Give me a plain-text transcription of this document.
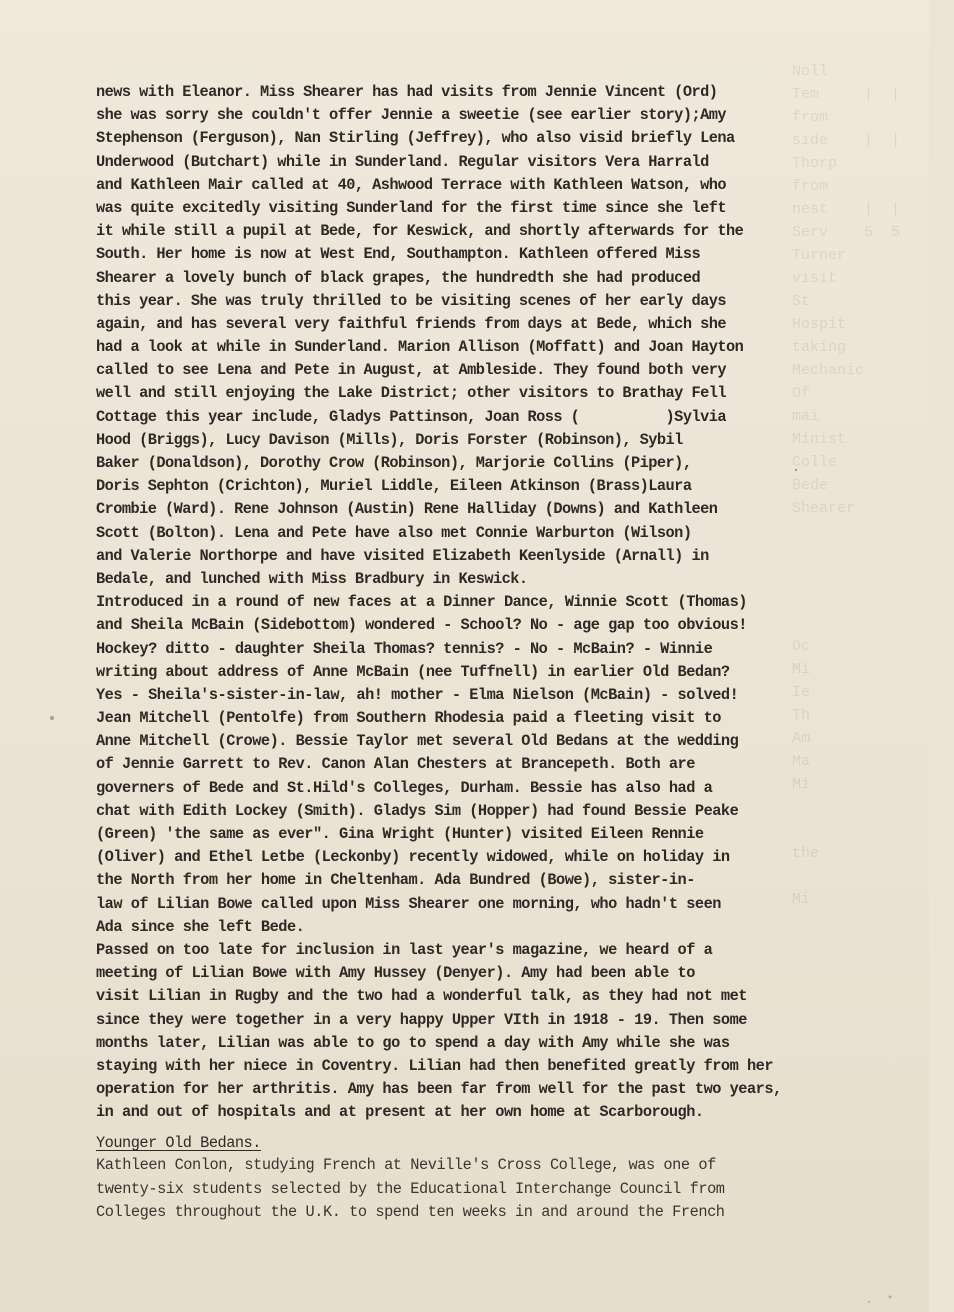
Noll
Tem     |  |
from
side    |  |
Thorp
from
nest    |  |
Serv    5  5
Turner
visit
St
Hospit
taking
Mechanic
Of
mai
Minist
Colle
Bede
Shearer

Oc
Mi
Ie
Th
Am
Ma
Mi

the

Mi
news with Eleanor. Miss Shearer has had visits from Jennie Vincent (Ord)
she was sorry she couldn't offer Jennie a sweetie (see earlier story);Amy
Stephenson (Ferguson), Nan Stirling (Jeffrey), who also visid briefly Lena
Underwood (Butchart) while in Sunderland. Regular visitors Vera Harrald
and Kathleen Mair called at 40, Ashwood Terrace with Kathleen Watson, who
was quite excitedly visiting Sunderland for the first time since she left
it while still a pupil at Bede, for Keswick, and shortly afterwards for the
South. Her home is now at West End, Southampton. Kathleen offered Miss
Shearer a lovely bunch of black grapes, the hundredth she had produced
this year. She was truly thrilled to be visiting scenes of her early days
again, and has several very faithful friends from days at Bede, which she
had a look at while in Sunderland. Marion Allison (Moffatt) and Joan Hayton
called to see Lena and Pete in August, at Ambleside. They found both very
well and still enjoying the Lake District; other visitors to Brathay Fell
Cottage this year include, Gladys Pattinson, Joan Ross (          )Sylvia
Hood (Briggs), Lucy Davison (Mills), Doris Forster (Robinson), Sybil
Baker (Donaldson), Dorothy Crow (Robinson), Marjorie Collins (Piper),
Doris Sephton (Crichton), Muriel Liddle, Eileen Atkinson (Brass)Laura
Crombie (Ward). Rene Johnson (Austin) Rene Halliday (Downs) and Kathleen
Scott (Bolton). Lena and Pete have also met Connie Warburton (Wilson)
and Valerie Northorpe and have visited Elizabeth Keenlyside (Arnall) in
Bedale, and lunched with Miss Bradbury in Keswick.
Introduced in a round of new faces at a Dinner Dance, Winnie Scott (Thomas)
and Sheila McBain (Sidebottom) wondered - School? No - age gap too obvious!
Hockey? ditto - daughter Sheila Thomas? tennis? - No - McBain? - Winnie
writing about address of Anne McBain (nee Tuffnell) in earlier Old Bedan?
Yes - Sheila's-sister-in-law, ah! mother - Elma Nielson (McBain) - solved!
Jean Mitchell (Pentolfe) from Southern Rhodesia paid a fleeting visit to
Anne Mitchell (Crowe). Bessie Taylor met several Old Bedans at the wedding
of Jennie Garrett to Rev. Canon Alan Chesters at Brancepeth. Both are
governers of Bede and St.Hild's Colleges, Durham. Bessie has also had a
chat with Edith Lockey (Smith). Gladys Sim (Hopper) had found Bessie Peake
(Green) 'the same as ever". Gina Wright (Hunter) visited Eileen Rennie
(Oliver) and Ethel Letbe (Leckonby) recently widowed, while on holiday in
the North from her home in Cheltenham. Ada Bundred (Bowe), sister-in-
law of Lilian Bowe called upon Miss Shearer one morning, who hadn't seen
Ada since she left Bede.
Passed on too late for inclusion in last year's magazine, we heard of a
meeting of Lilian Bowe with Amy Hussey (Denyer). Amy had been able to
visit Lilian in Rugby and the two had a wonderful talk, as they had not met
since they were together in a very happy Upper VIth in 1918 - 19. Then some
months later, Lilian was able to go to spend a day with Amy while she was
staying with her niece in Coventry. Lilian had then benefited greatly from her
operation for her arthritis. Amy has been far from well for the past two years,
in and out of hospitals and at present at her own home at Scarborough.
Younger Old Bedans.
Kathleen Conlon, studying French at Neville's Cross College, was one of
twenty-six students selected by the Educational Interchange Council from
Colleges throughout the U.K. to spend ten weeks in and around the French
